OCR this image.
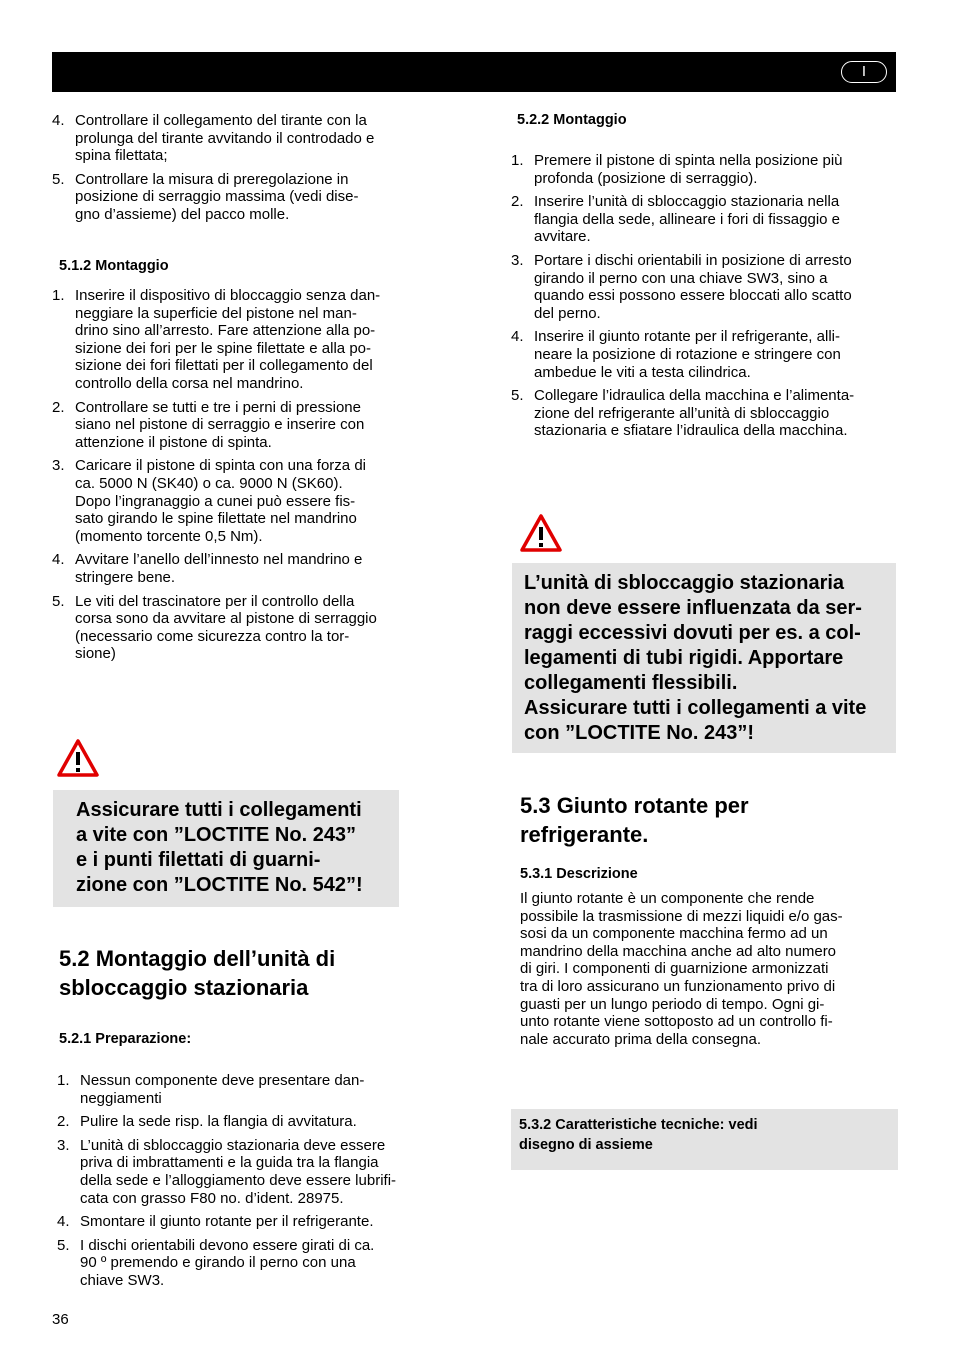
I
4. Controllare il collegamento del tirante con la
prolunga del tirante avvitando il controdado e
spina filettata;
5. Controllare la misura di preregolazione in
posizione di serraggio massima (vedi dise-
gno d’assieme) del pacco molle.
5.1.2 Montaggio
1. Inserire il dispositivo di bloccaggio senza dan-
neggiare la superficie del pistone nel man-
drino sino all’arresto. Fare attenzione alla po-
sizione dei fori per le spine filettate e alla po-
sizione dei fori filettati per il collegamento del
controllo della corsa nel mandrino.
2. Controllare se tutti e tre i perni di pressione
siano nel pistone di serraggio e inserire con
attenzione il pistone di spinta.
3. Caricare il pistone di spinta con una forza di
ca. 5000 N (SK40) o ca. 9000 N (SK60).
Dopo l’ingranaggio a cunei può essere fis-
sato girando le spine filettate nel mandrino
(momento torcente 0,5 Nm).
4. Avvitare l’anello dell’innesto nel mandrino e
stringere bene.
5. Le viti del trascinatore per il controllo della
corsa sono da avvitare al pistone di serraggio
(necessario come sicurezza contro la tor-
sione)
Assicurare tutti i collegamenti
a vite con ”LOCTITE No. 243”
e i punti filettati di guarni-
zione con ”LOCTITE No. 542”!
5.2 Montaggio dell’unità di
sbloccaggio stazionaria
5.2.1 Preparazione:
1. Nessun componente deve presentare dan-
neggiamenti
2. Pulire la sede risp. la flangia di avvitatura.
3. L’unità di sbloccaggio stazionaria deve essere
priva di imbrattamenti e la guida tra la flangia
della sede e l’alloggiamento deve essere lubrifi-
cata con grasso F80 no. d’ident. 28975.
4. Smontare il giunto rotante per il refrigerante.
5. I dischi orientabili devono essere girati di ca.
90 º premendo e girando il perno con una
chiave SW3.
36
5.2.2 Montaggio
1. Premere il pistone di spinta nella posizione più
profonda (posizione di serraggio).
2. Inserire l’unità di sbloccaggio stazionaria nella
flangia della sede, allineare i fori di fissaggio e
avvitare.
3. Portare i dischi orientabili in posizione di arresto
girando il perno con una chiave SW3, sino a
quando essi possono essere bloccati allo scatto
del perno.
4. Inserire il giunto rotante per il refrigerante, alli-
neare la posizione di rotazione e stringere con
ambedue le viti a testa cilindrica.
5. Collegare l’idraulica della macchina e l’alimenta-
zione del refrigerante all’unità di sbloccaggio
stazionaria e sfiatare l’idraulica della macchina.
L’unità di sbloccaggio stazionaria
non deve essere influenzata da ser-
raggi eccessivi dovuti per es. a col-
legamenti di tubi rigidi. Apportare
collegamenti flessibili.
Assicurare tutti i collegamenti a vite
con ”LOCTITE No. 243”!
5.3 Giunto rotante per
refrigerante.
5.3.1 Descrizione
Il giunto rotante è un componente che rende
possibile la trasmissione di mezzi liquidi e/o gas-
sosi da un componente macchina fermo ad un
mandrino della macchina anche ad alto numero
di giri. I componenti di guarnizione armonizzati
tra di loro assicurano un funzionamento privo di
guasti per un lungo periodo di tempo. Ogni gi-
unto rotante viene sottoposto ad un controllo fi-
nale accurato prima della consegna.
5.3.2 Caratteristiche tecniche: vedi
disegno di assieme
